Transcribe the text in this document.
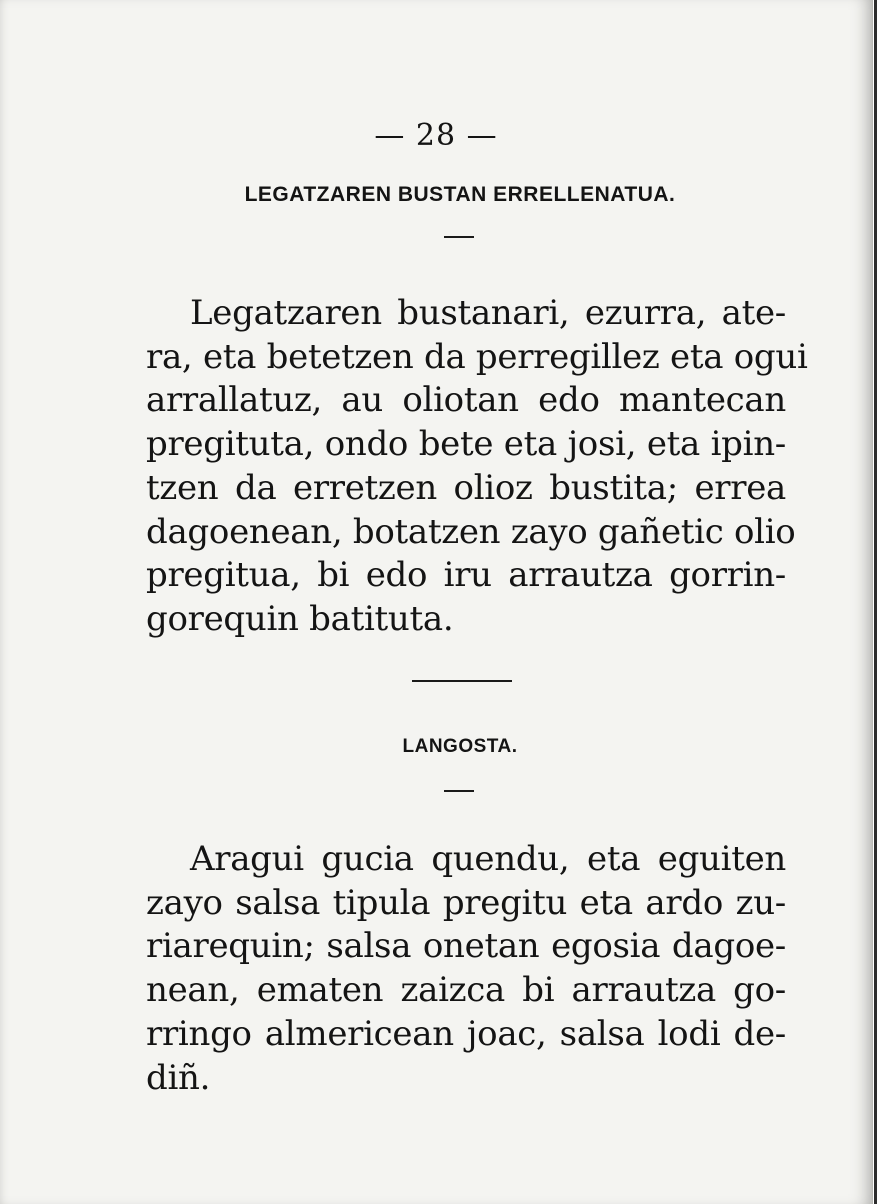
— 28 —
LEGATZAREN BUSTAN ERRELLENATUA.
Legatzaren bustanari, ezurra, ate-
ra, eta betetzen da perregillez eta ogui
arrallatuz, au oliotan edo mantecan
pregituta, ondo bete eta josi, eta ipin-
tzen da erretzen olioz bustita; errea
dagoenean, botatzen zayo gañetic olio
pregitua, bi edo iru arrautza gorrin-
gorequin batituta.
LANGOSTA.
Aragui gucia quendu, eta eguiten
zayo salsa tipula pregitu eta ardo zu-
riarequin; salsa onetan egosia dagoe-
nean, ematen zaizca bi arrautza go-
rringo almericean joac, salsa lodi de-
diñ.
